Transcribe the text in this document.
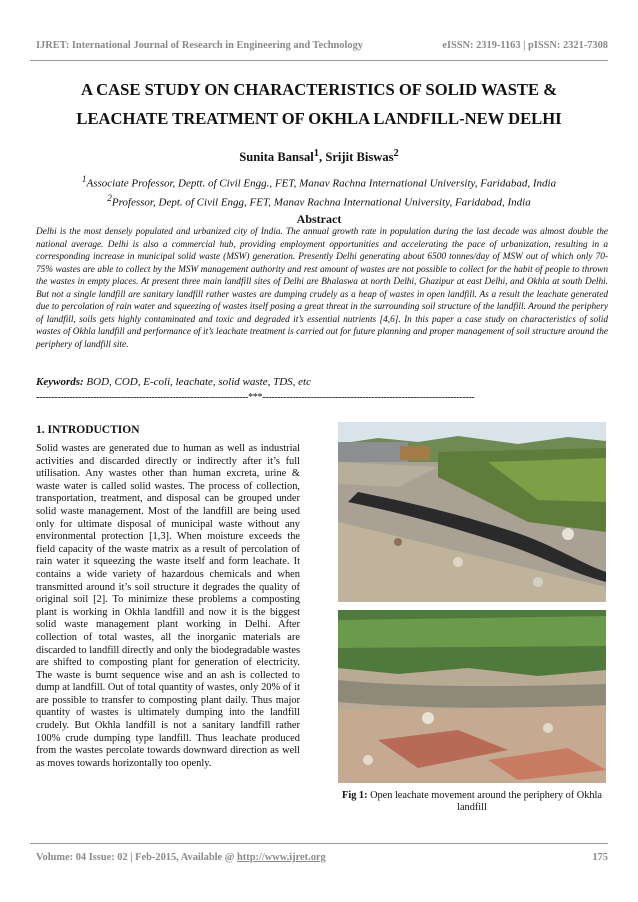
IJRET: International Journal of Research in Engineering and Technology	eISSN: 2319-1163 | pISSN: 2321-7308
A CASE STUDY ON CHARACTERISTICS OF SOLID WASTE &
LEACHATE TREATMENT OF OKHLA LANDFILL-NEW DELHI
Sunita Bansal$^1$, Srijit Biswas$^2$
$^1$Associate Professor, Deptt. of Civil Engg., FET, Manav Rachna International University, Faridabad, India
$^2$Professor, Dept. of Civil Engg, FET, Manav Rachna International University, Faridabad, India
Abstract
Delhi is the most densely populated and urbanized city of India. The annual growth rate in population during the last decade was almost double the national average. Delhi is also a commercial hub, providing employment opportunities and accelerating the pace of urbanization, resulting in a corresponding increase in municipal solid waste (MSW) generation. Presently Delhi generating about 6500 tonnes/day of MSW out of which only 70-75% wastes are able to collect by the MSW management authority and rest amount of wastes are not possible to collect for the habit of people to thrown the wastes in empty places. At present three main landfill sites of Delhi are Bhalaswa at north Delhi, Ghazipur at east Delhi, and Okhla at south Delhi. But not a single landfill are sanitary landfill rather wastes are dumping crudely as a heap of wastes in open landfill. As a result the leachate generated due to percolation of rain water and squeezing of wastes itself posing a great threat in the surrounding soil structure of the landfill. Around the periphery of landfill, soils gets highly contaminated and toxic and degraded it’s essential nutrients [4,6]. In this paper a case study on characteristics of solid wastes of Okhla landfill and performance of it’s leachate treatment is carried out for future planning and proper management of soil structure around the periphery of landfill site.
Keywords: BOD, COD, E-coli, leachate, solid waste, TDS, etc
----------------------------------------------------------------------***----------------------------------------------------------------------
1. INTRODUCTION
Solid wastes are generated due to human as well as industrial activities and discarded directly or indirectly after it’s full utilisation. Any wastes other than human excreta, urine & waste water is called solid wastes. The process of collection, transportation, treatment, and disposal can be grouped under solid waste management. Most of the landfill are being used only for ultimate disposal of municipal waste without any environmental protection [1,3]. When moisture exceeds the field capacity of the waste matrix as a result of percolation of rain water it squeezing the waste itself and form leachate. It contains a wide variety of hazardous chemicals and when transmitted around it’s soil structure it degrades the quality of original soil [2]. To minimize these problems a composting plant is working in Okhla landfill and now it is the biggest solid waste management plant working in Delhi. After collection of total wastes, all the inorganic materials are discarded to landfill directly and only the biodegradable wastes are shifted to composting plant for generation of electricity. The waste is burnt sequence wise and an ash is collected to dump at landfill. Out of total quantity of wastes, only 20% of it are possible to transfer to composting plant daily. Thus major quantity of wastes is ultimately dumping into the landfill crudely. But Okhla landfill is not a sanitary landfill rather 100% crude dumping type landfill. Thus leachate produced from the wastes percolate towards downward direction as well as moves towards horizontally too openly.
Fig 1: Open leachate movement around the periphery of Okhla landfill
Volume: 04 Issue: 02 | Feb-2015, Available @ http://www.ijret.org	175
